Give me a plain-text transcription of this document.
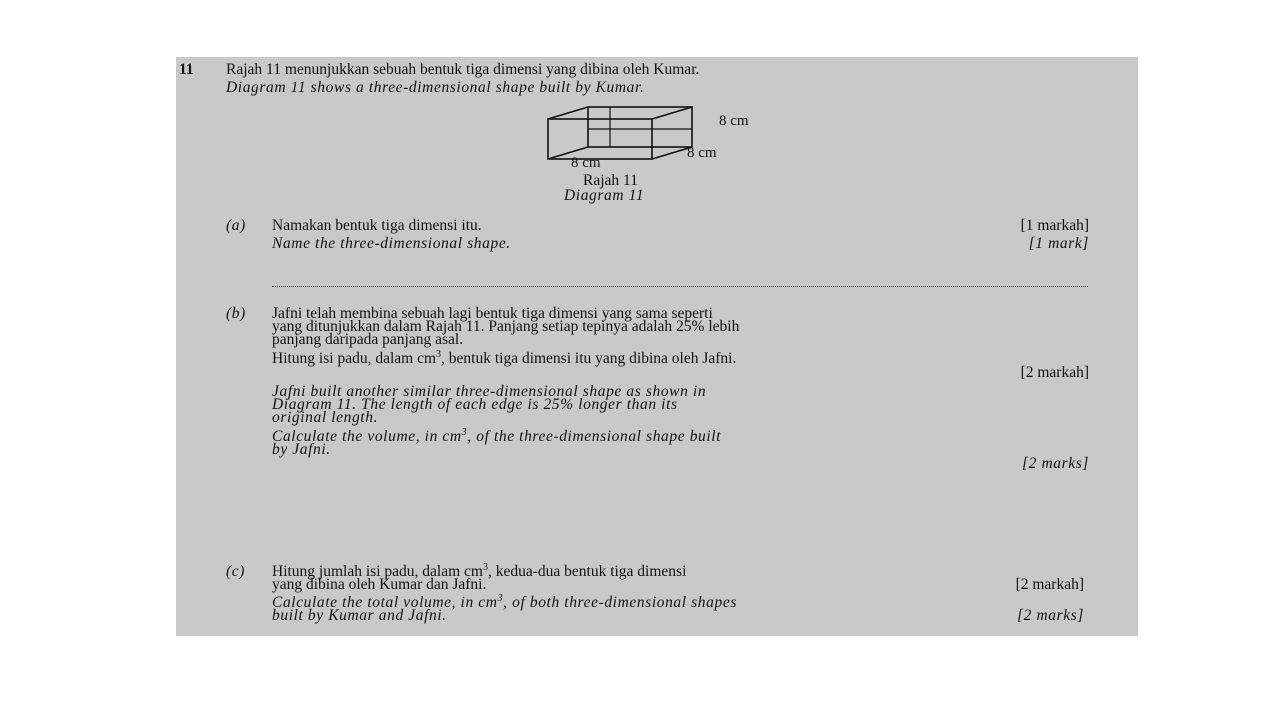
11 Rajah 11 menunjukkan sebuah bentuk tiga dimensi yang dibina oleh Kumar.
Diagram 11 shows a three-dimensional shape built by Kumar.
8 cm
8 cm
8 cm
Rajah 11
Diagram 11
(a) Namakan bentuk tiga dimensi itu.	[1 markah]
Name the three-dimensional shape.	[1 mark]
(b) Jafni telah membina sebuah lagi bentuk tiga dimensi yang sama seperti
yang ditunjukkan dalam Rajah 11. Panjang setiap tepinya adalah 25% lebih
panjang daripada panjang asal.
Hitung isi padu, dalam $cm^3$, bentuk tiga dimensi itu yang dibina oleh Jafni.
[2 markah]
Jafni built another similar three-dimensional shape as shown in
Diagram 11. The length of each edge is 25% longer than its
original length.
Calculate the volume, in $cm^3$, of the three-dimensional shape built
by Jafni.
[2 marks]
(c) Hitung jumlah isi padu, dalam $cm^3$, kedua-dua bentuk tiga dimensi
yang dibina oleh Kumar dan Jafni.	[2 markah]
Calculate the total volume, in $cm^3$, of both three-dimensional shapes
built by Kumar and Jafni.	[2 marks]
